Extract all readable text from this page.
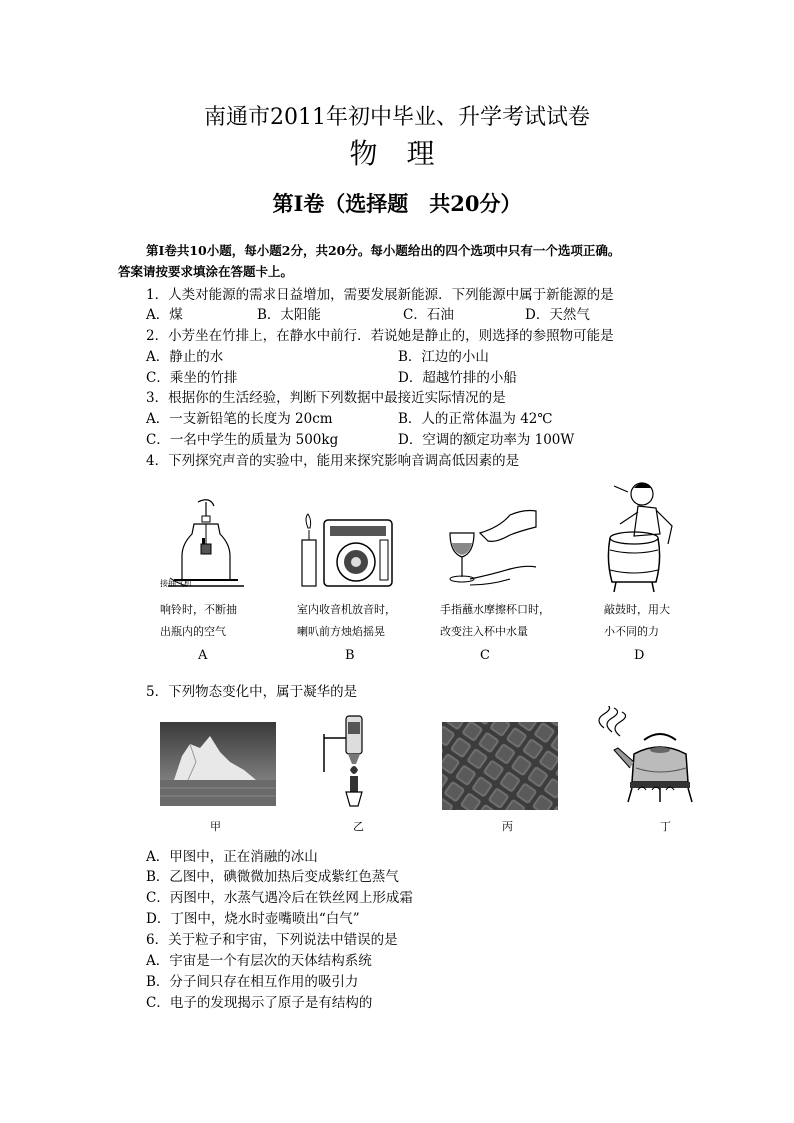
南通市2011年初中毕业、升学考试试卷
物 理
第Ⅰ卷（选择题　共20分）
第Ⅰ卷共10小题，每小题2分，共20分。每小题给出的四个选项中只有一个选项正确。
答案请按要求填涂在答题卡上。
1．人类对能源的需求日益增加，需要发展新能源．下列能源中属于新能源的是
A．煤	B．太阳能	C．石油	D．天然气
2．小芳坐在竹排上，在静水中前行．若说她是静止的，则选择的参照物可能是
A．静止的水	B．江边的小山
C．乘坐的竹排	D．超越竹排的小船
3．根据你的生活经验，判断下列数据中最接近实际情况的是
A．一支新铅笔的长度为 20cm	B．人的正常体温为 42℃
C．一名中学生的质量为 500kg	D．空调的额定功率为 100W
4．下列探究声音的实验中，能用来探究影响音调高低因素的是
接抽气机
响铃时，不断抽
出瓶内的空气
A
室内收音机放音时，
喇叭前方烛焰摇晃
B
手指蘸水摩擦杯口时，
改变注入杯中水量
C
敲鼓时，用大
小不同的力
D
5．下列物态变化中，属于凝华的是
甲	乙	丙	丁
A．甲图中，正在消融的冰山
B．乙图中，碘微微加热后变成紫红色蒸气
C．丙图中，水蒸气遇冷后在铁丝网上形成霜
D．丁图中，烧水时壶嘴喷出“白气”
6．关于粒子和宇宙，下列说法中错误的是
A．宇宙是一个有层次的天体结构系统
B．分子间只存在相互作用的吸引力
C．电子的发现揭示了原子是有结构的
